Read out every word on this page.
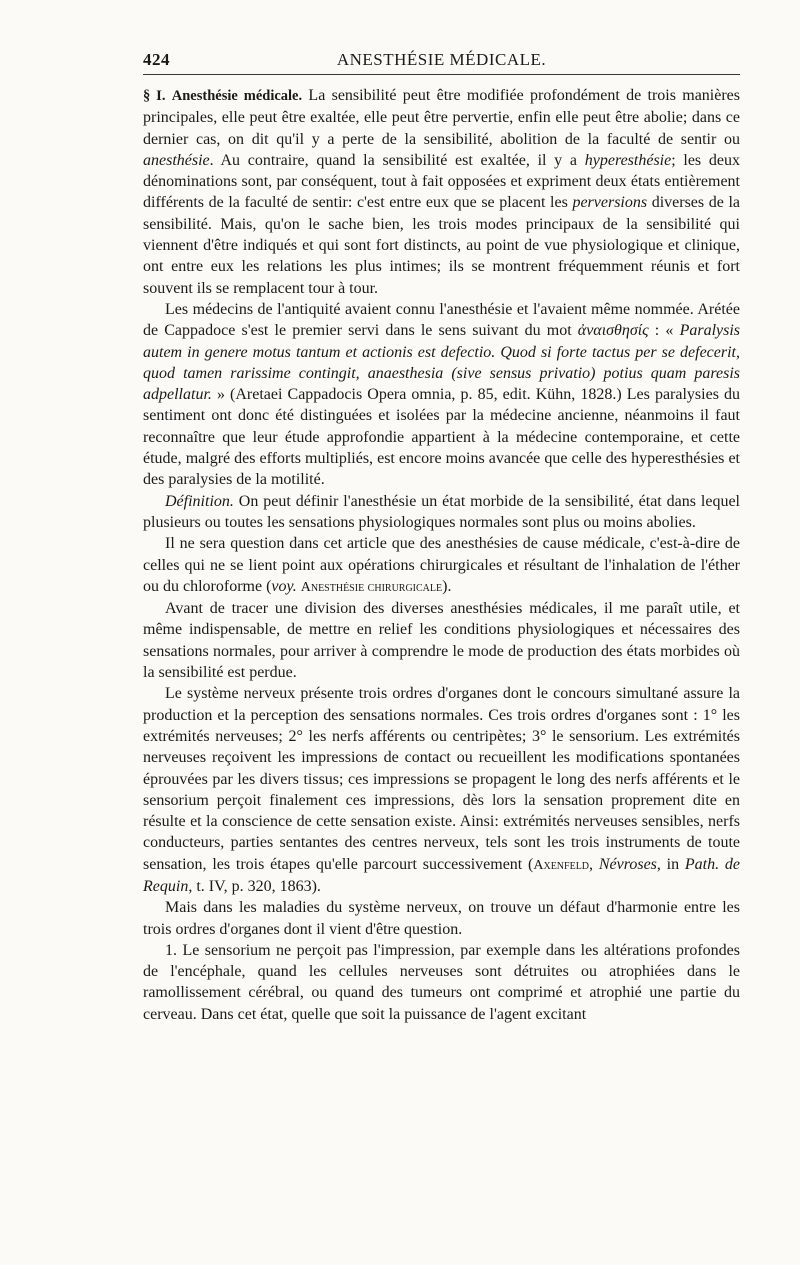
424	ANESTHÉSIE MÉDICALE.

§ I. Anesthésie médicale. La sensibilité peut être modifiée profondément de trois manières principales, elle peut être exaltée, elle peut être pervertie, enfin elle peut être abolie; dans ce dernier cas, on dit qu'il y a perte de la sensibilité, abolition de la faculté de sentir ou anesthésie. Au contraire, quand la sensibilité est exaltée, il y a hyperesthésie; les deux dénominations sont, par conséquent, tout à fait opposées et expriment deux états entièrement différents de la faculté de sentir: c'est entre eux que se placent les perversions diverses de la sensibilité. Mais, qu'on le sache bien, les trois modes principaux de la sensibilité qui viennent d'être indiqués et qui sont fort distincts, au point de vue physiologique et clinique, ont entre eux les relations les plus intimes; ils se montrent fréquemment réunis et fort souvent ils se remplacent tour à tour.

Les médecins de l'antiquité avaient connu l'anesthésie et l'avaient même nommée. Arétée de Cappadoce s'est le premier servi dans le sens suivant du mot ἀναισθησίς : « Paralysis autem in genere motus tantum et actionis est defectio. Quod si forte tactus per se defecerit, quod tamen rarissime contingit, anaesthesia (sive sensus privatio) potius quam paresis adpellatur. » (Aretaei Cappadocis Opera omnia, p. 85, edit. Kühn, 1828.) Les paralysies du sentiment ont donc été distinguées et isolées par la médecine ancienne, néanmoins il faut reconnaître que leur étude approfondie appartient à la médecine contemporaine, et cette étude, malgré des efforts multipliés, est encore moins avancée que celle des hyperesthésies et des paralysies de la motilité.

Définition. On peut définir l'anesthésie un état morbide de la sensibilité, état dans lequel plusieurs ou toutes les sensations physiologiques normales sont plus ou moins abolies.

Il ne sera question dans cet article que des anesthésies de cause médicale, c'est-à-dire de celles qui ne se lient point aux opérations chirurgicales et résultant de l'inhalation de l'éther ou du chloroforme (voy. Anesthésie chirurgicale).

Avant de tracer une division des diverses anesthésies médicales, il me paraît utile, et même indispensable, de mettre en relief les conditions physiologiques et nécessaires des sensations normales, pour arriver à comprendre le mode de production des états morbides où la sensibilité est perdue.

Le système nerveux présente trois ordres d'organes dont le concours simultané assure la production et la perception des sensations normales. Ces trois ordres d'organes sont : 1° les extrémités nerveuses; 2° les nerfs afférents ou centripètes; 3° le sensorium. Les extrémités nerveuses reçoivent les impressions de contact ou recueillent les modifications spontanées éprouvées par les divers tissus; ces impressions se propagent le long des nerfs afférents et le sensorium perçoit finalement ces impressions, dès lors la sensation proprement dite en résulte et la conscience de cette sensation existe. Ainsi: extrémités nerveuses sensibles, nerfs conducteurs, parties sentantes des centres nerveux, tels sont les trois instruments de toute sensation, les trois étapes qu'elle parcourt successivement (Axenfeld, Névroses, in Path. de Requin, t. IV, p. 320, 1863).

Mais dans les maladies du système nerveux, on trouve un défaut d'harmonie entre les trois ordres d'organes dont il vient d'être question.

1. Le sensorium ne perçoit pas l'impression, par exemple dans les altérations profondes de l'encéphale, quand les cellules nerveuses sont détruites ou atrophiées dans le ramollissement cérébral, ou quand des tumeurs ont comprimé et atrophié une partie du cerveau. Dans cet état, quelle que soit la puissance de l'agent excitant
